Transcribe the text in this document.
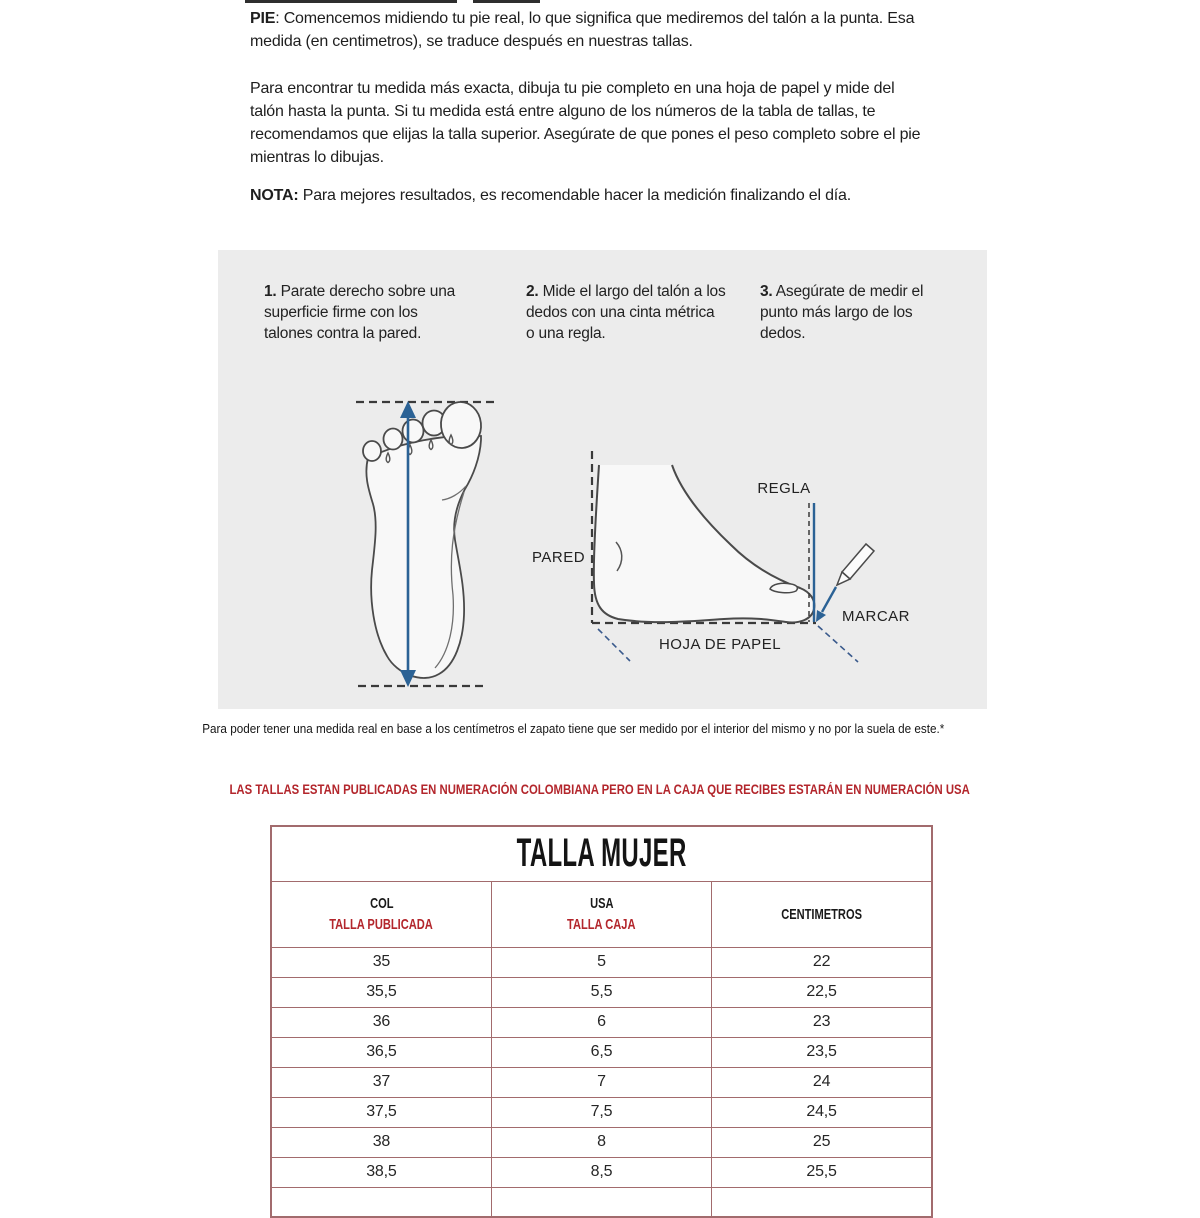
PIE: Comencemos midiendo tu pie real, lo que significa que mediremos del talón a la punta. Esa medida (en centimetros), se traduce después en nuestras tallas.

Para encontrar tu medida más exacta, dibuja tu pie completo en una hoja de papel y mide del talón hasta la punta. Si tu medida está entre alguno de los números de la tabla de tallas, te recomendamos que elijas la talla superior. Asegúrate de que pones el peso completo sobre el pie mientras lo dibujas.

NOTA: Para mejores resultados, es recomendable hacer la medición finalizando el día.

1. Parate derecho sobre una superficie firme con los talones contra la pared.
2. Mide el largo del talón a los dedos con una cinta métrica o una regla.
3. Asegúrate de medir el punto más largo de los dedos.
PARED
REGLA
MARCAR
HOJA DE PAPEL
Para poder tener una medida real en base a los centímetros el zapato tiene que ser medido por el interior del mismo y no por la suela de este.*
LAS TALLAS ESTAN PUBLICADAS EN NUMERACIÓN COLOMBIANA PERO EN LA CAJA QUE RECIBES ESTARÁN EN NUMERACIÓN USA
TALLA MUJER		

COL
TALLA PUBLICADA

USA
TALLA CAJA

CENTIMETROS

35	5	22
35,5	5,5	22,5
36	6	23
36,5	6,5	23,5
37	7	24
37,5	7,5	24,5
38	8	25
38,5	8,5	25,5
